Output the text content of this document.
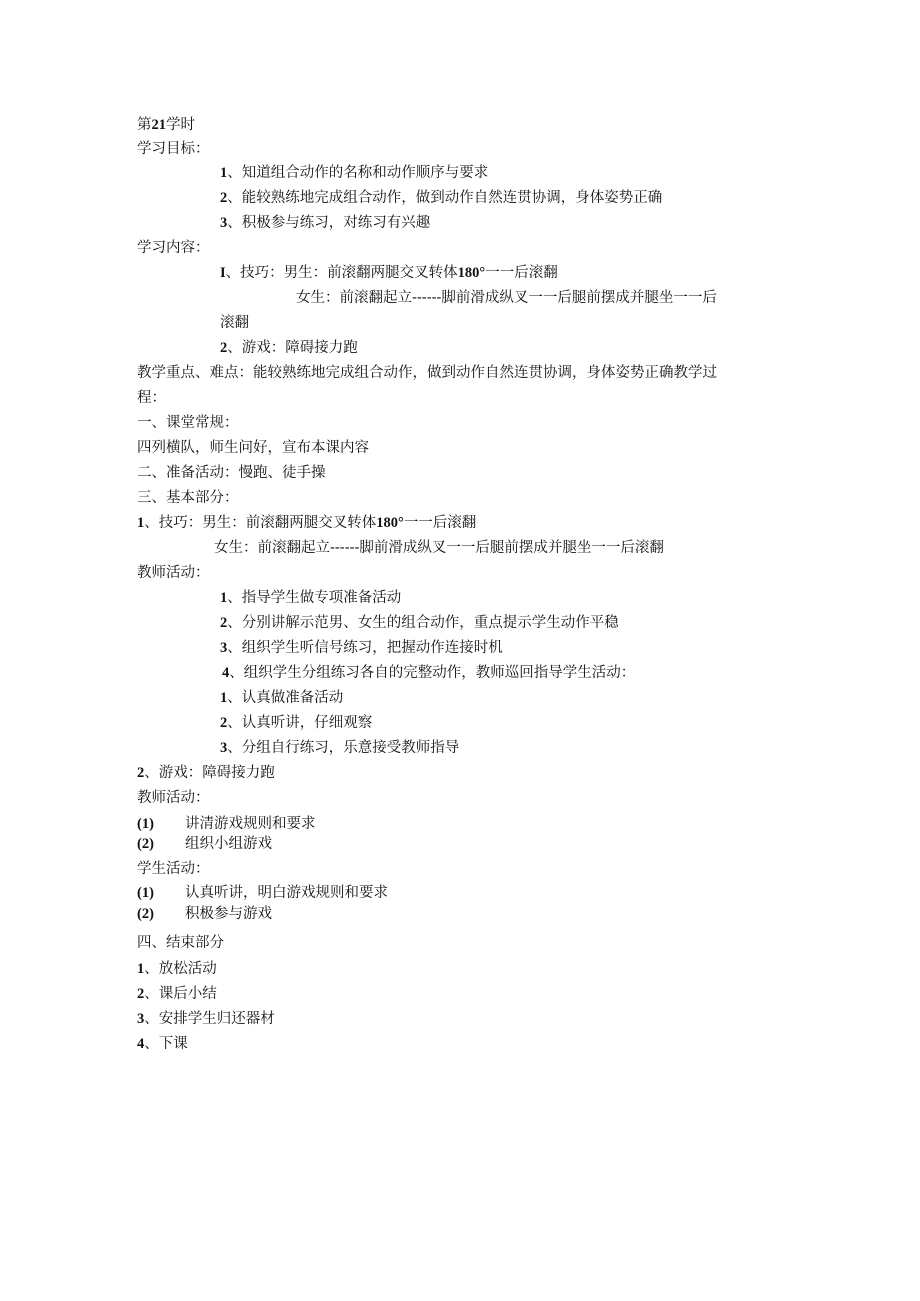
第21学时
学习目标：
1、知道组合动作的名称和动作顺序与要求
2、能较熟练地完成组合动作，做到动作自然连贯协调，身体姿势正确
3、积极参与练习，对练习有兴趣
学习内容：
I、技巧：男生：前滚翻两腿交叉转体180°一一后滚翻
女生：前滚翻起立------脚前滑成纵叉一一后腿前摆成并腿坐一一后
滚翻
2、游戏：障碍接力跑
教学重点、难点：能较熟练地完成组合动作，做到动作自然连贯协调，身体姿势正确教学过
程：
一、课堂常规：
四列横队，师生问好，宣布本课内容
二、准备活动：慢跑、徒手操
三、基本部分：
1、技巧：男生：前滚翻两腿交叉转体180°一一后滚翻
女生：前滚翻起立------脚前滑成纵叉一一后腿前摆成并腿坐一一后滚翻
教师活动：
1、指导学生做专项准备活动
2、分别讲解示范男、女生的组合动作，重点提示学生动作平稳
3、组织学生听信号练习，把握动作连接时机
4、组织学生分组练习各自的完整动作，教师巡回指导学生活动：
1、认真做准备活动
2、认真听讲，仔细观察
3、分组自行练习，乐意接受教师指导
2、游戏：障碍接力跑
教师活动：
(1) 讲清游戏规则和要求
(2) 组织小组游戏
学生活动：
(1) 认真听讲，明白游戏规则和要求
(2) 积极参与游戏
四、结束部分
1、放松活动
2、课后小结
3、安排学生归还器材
4、下课
